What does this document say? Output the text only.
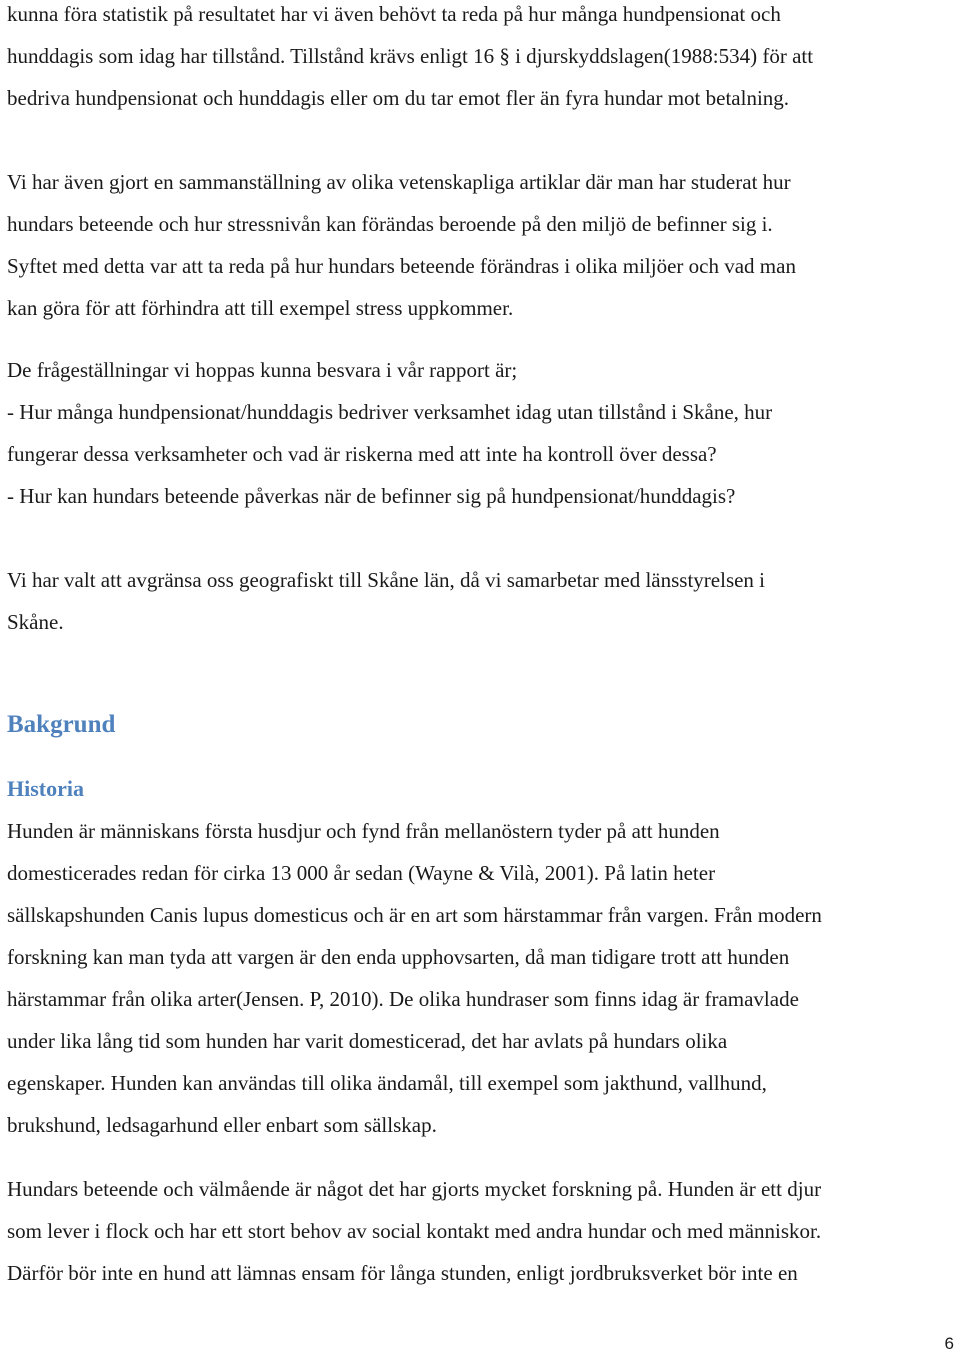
kunna föra statistik på resultatet har vi även behövt ta reda på hur många hundpensionat och

hunddagis som idag har tillstånd. Tillstånd krävs enligt 16 § i djurskyddslagen(1988:534) för att

bedriva hundpensionat och hunddagis eller om du tar emot fler än fyra hundar mot betalning.

Vi har även gjort en sammanställning av olika vetenskapliga artiklar där man har studerat hur

hundars beteende och hur stressnivån kan förändas beroende på den miljö de befinner sig i.

Syftet med detta var att ta reda på hur hundars beteende förändras i olika miljöer och vad man

kan göra för att förhindra att till exempel stress uppkommer.

De frågeställningar vi hoppas kunna besvara i vår rapport är;

- Hur många hundpensionat/hunddagis bedriver verksamhet idag utan tillstånd i Skåne, hur

fungerar dessa verksamheter och vad är riskerna med att inte ha kontroll över dessa?

- Hur kan hundars beteende påverkas när de befinner sig på hundpensionat/hunddagis?

Vi har valt att avgränsa oss geografiskt till Skåne län, då vi samarbetar med länsstyrelsen i

Skåne.

Bakgrund
Historia

Hunden är människans första husdjur och fynd från mellanöstern tyder på att hunden

domesticerades redan för cirka 13 000 år sedan (Wayne & Vilà, 2001). På latin heter

sällskapshunden Canis lupus domesticus och är en art som härstammar från vargen. Från modern

forskning kan man tyda att vargen är den enda upphovsarten, då man tidigare trott att hunden

härstammar från olika arter(Jensen. P, 2010). De olika hundraser som finns idag är framavlade

under lika lång tid som hunden har varit domesticerad, det har avlats på hundars olika

egenskaper. Hunden kan användas till olika ändamål, till exempel som jakthund, vallhund,

brukshund, ledsagarhund eller enbart som sällskap.

Hundars beteende och välmående är något det har gjorts mycket forskning på. Hunden är ett djur

som lever i flock och har ett stort behov av social kontakt med andra hundar och med människor.

Därför bör inte en hund att lämnas ensam för långa stunden, enligt jordbruksverket bör inte en

6
